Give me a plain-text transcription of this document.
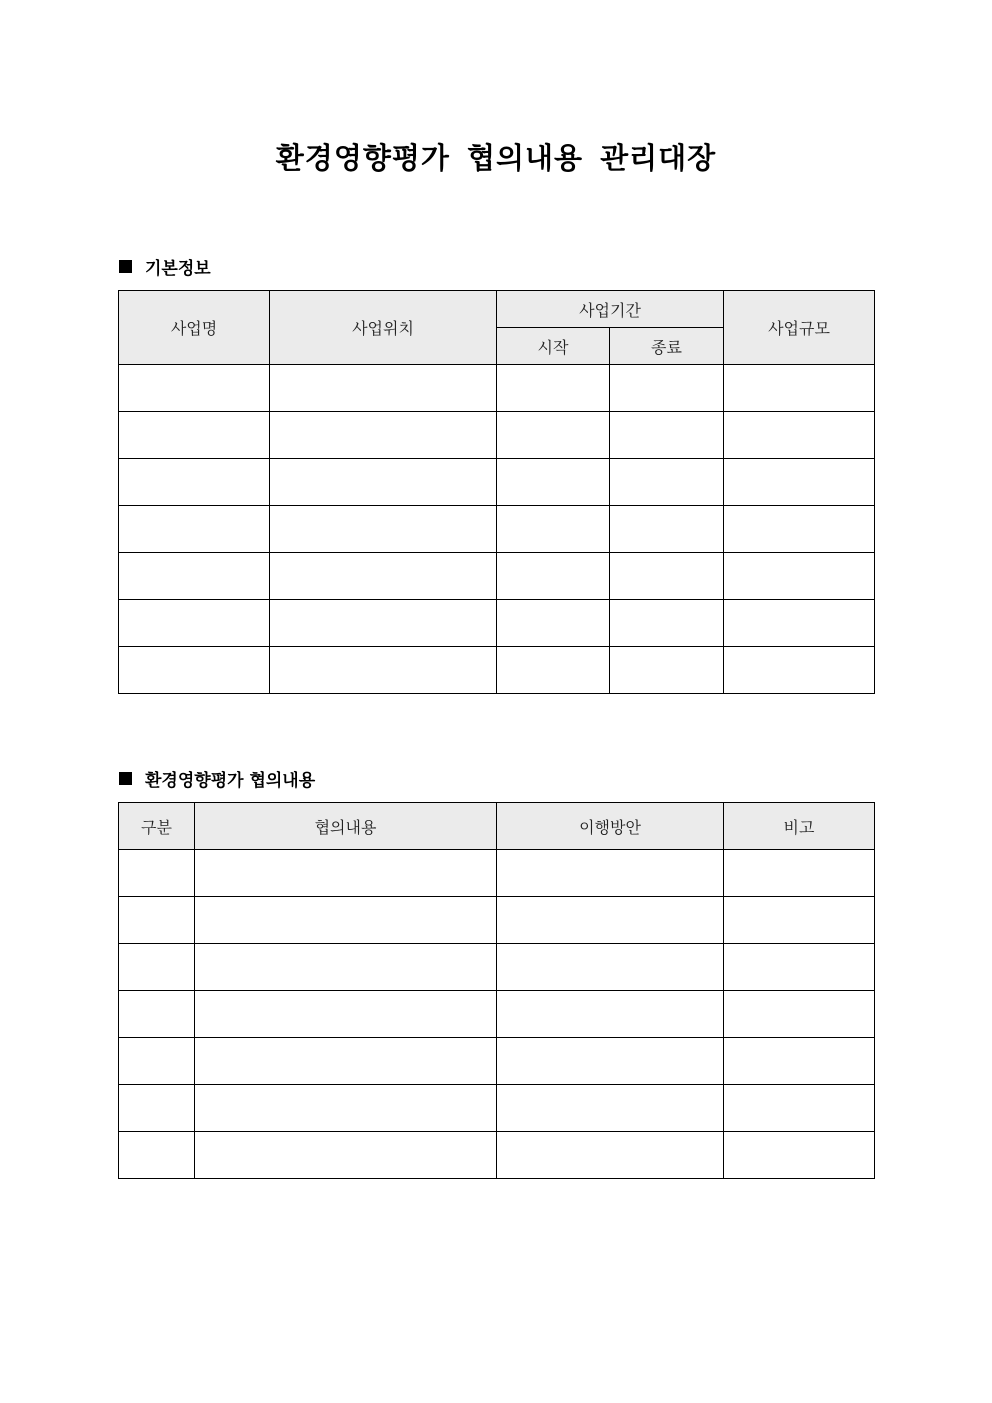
환경영향평가 협의내용 관리대장
기본정보
사업명	사업위치	사업기간		사업규모
		시작	종료	

환경영향평가 협의내용
구분	협의내용	이행방안	비고
